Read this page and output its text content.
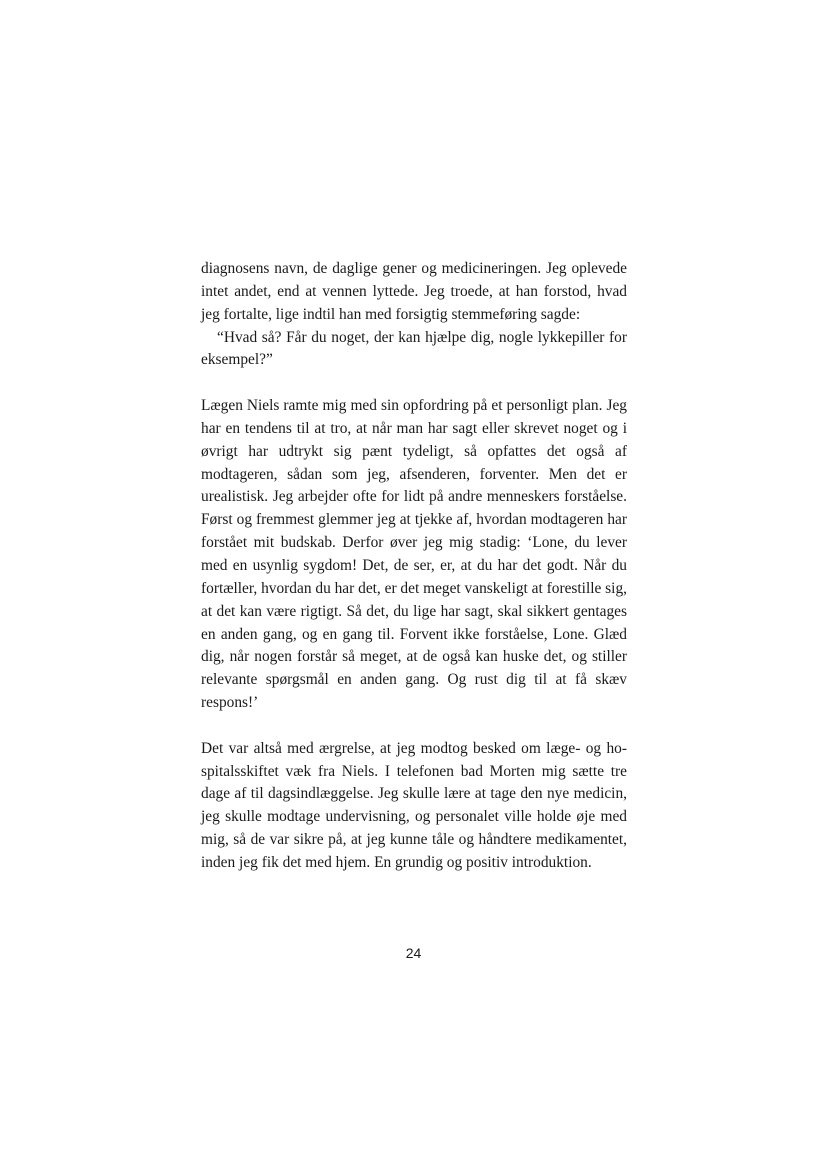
diagnosens navn, de daglige gener og medicineringen. Jeg oplevede intet andet, end at vennen lyttede. Jeg troede, at han forstod, hvad jeg fortalte, lige indtil han med forsigtig stemmeføring sagde:

“Hvad så? Får du noget, der kan hjælpe dig, nogle lykkepiller for eksempel?”

Lægen Niels ramte mig med sin opfordring på et personligt plan. Jeg har en tendens til at tro, at når man har sagt eller skrevet noget og i øvrigt har udtrykt sig pænt tydeligt, så opfattes det også af modtageren, sådan som jeg, afsenderen, forventer. Men det er urealistisk. Jeg arbejder ofte for lidt på andre menneskers forståelse. Først og fremmest glemmer jeg at tjekke af, hvordan modtageren har forstået mit budskab. Derfor øver jeg mig stadig: ‘Lone, du lever med en usynlig sygdom! Det, de ser, er, at du har det godt. Når du fortæller, hvordan du har det, er det meget vanskeligt at forestille sig, at det kan være rigtigt. Så det, du lige har sagt, skal sikkert gentages en anden gang, og en gang til. Forvent ikke forståelse, Lone. Glæd dig, når nogen forstår så meget, at de også kan huske det, og stiller relevante spørgsmål en anden gang. Og rust dig til at få skæv respons!’

Det var altså med ærgrelse, at jeg modtog besked om læge- og hospitalsskiftet væk fra Niels. I telefonen bad Morten mig sætte tre dage af til dagsindlæggelse. Jeg skulle lære at tage den nye medicin, jeg skulle modtage undervisning, og personalet ville holde øje med mig, så de var sikre på, at jeg kunne tåle og håndtere medikamentet, inden jeg fik det med hjem. En grundig og positiv introduktion.

24
